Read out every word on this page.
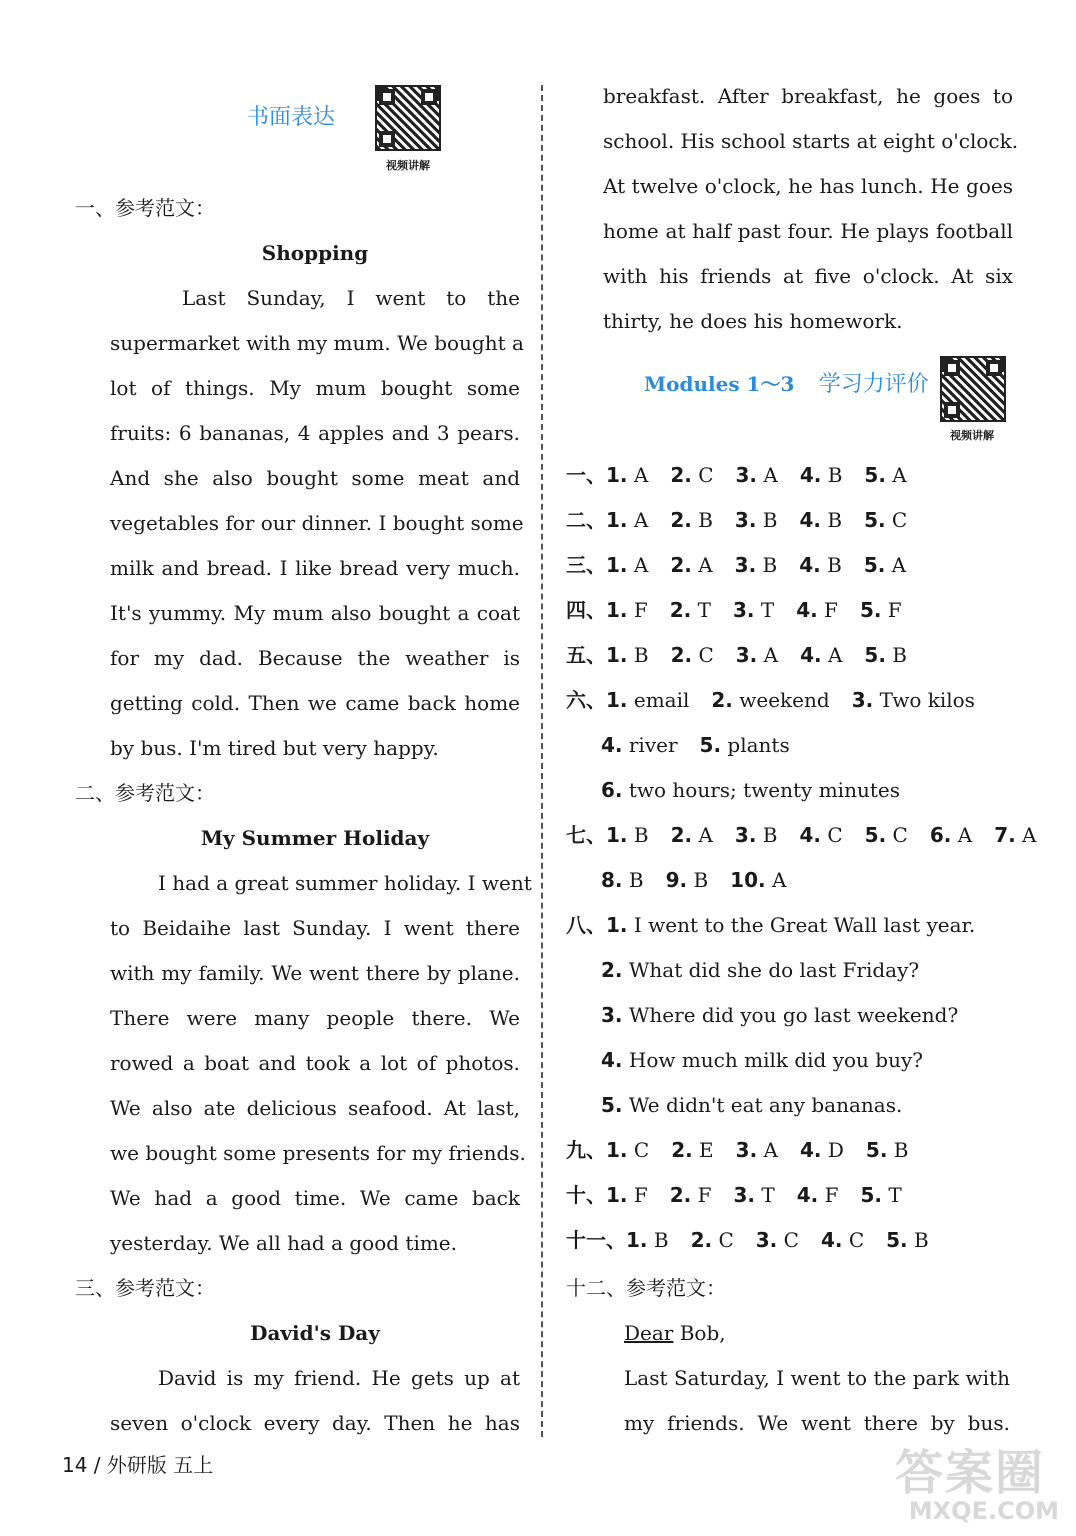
书面表达
视频讲解
一、参考范文：
Shopping
Last Sunday, I went to the
supermarket with my mum. We bought a
lot of things. My mum bought some
fruits: 6 bananas, 4 apples and 3 pears.
And she also bought some meat and
vegetables for our dinner. I bought some
milk and bread. I like bread very much.
It's yummy. My mum also bought a coat
for my dad. Because the weather is
getting cold. Then we came back home
by bus. I'm tired but very happy.
二、参考范文：
My Summer Holiday
I had a great summer holiday. I went
to Beidaihe last Sunday. I went there
with my family. We went there by plane.
There were many people there. We
rowed a boat and took a lot of photos.
We also ate delicious seafood. At last,
we bought some presents for my friends.
We had a good time. We came back
yesterday. We all had a good time.
三、参考范文：
David's Day
David is my friend. He gets up at
seven o'clock every day. Then he has
breakfast. After breakfast, he goes to
school. His school starts at eight o'clock.
At twelve o'clock, he has lunch. He goes
home at half past four. He plays football
with his friends at five o'clock. At six
thirty, he does his homework.
Modules 1～3 学习力评价
视频讲解
一、1. A 2. C 3. A 4. B 5. A
二、1. A 2. B 3. B 4. B 5. C
三、1. A 2. A 3. B 4. B 5. A
四、1. F 2. T 3. T 4. F 5. F
五、1. B 2. C 3. A 4. A 5. B
六、1. email 2. weekend 3. Two kilos
4. river 5. plants
6. two hours; twenty minutes
七、1. B 2. A 3. B 4. C 5. C 6. A 7. A
8. B 9. B 10. A
八、1. I went to the Great Wall last year.
2. What did she do last Friday?
3. Where did you go last weekend?
4. How much milk did you buy?
5. We didn't eat any bananas.
九、1. C 2. E 3. A 4. D 5. B
十、1. F 2. F 3. T 4. F 5. T
十一、1. B 2. C 3. C 4. C 5. B
十二、参考范文：
Dear Bob,
Last Saturday, I went to the park with
my friends. We went there by bus.
14 / 外研版 五上	答案圈
MXQE.COM
